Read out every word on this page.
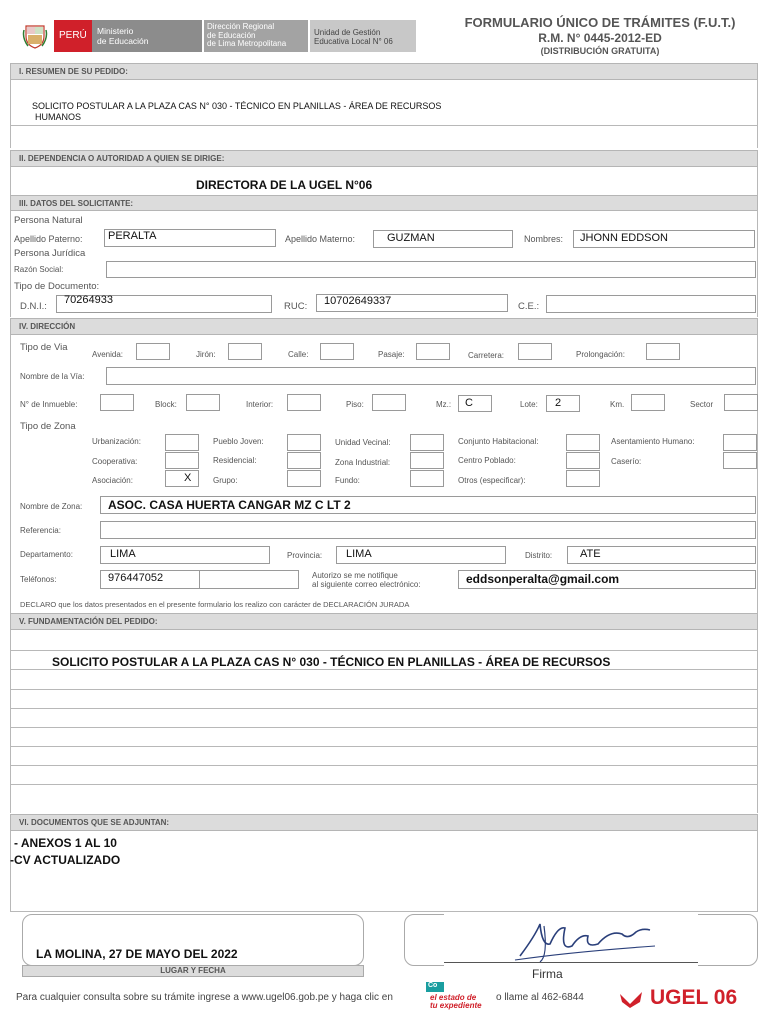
PERÚ	Ministerio
de Educación
Dirección Regional
de Educación
de Lima Metropolitana
Unidad de Gestión
Educativa Local N° 06
FORMULARIO ÚNICO DE TRÁMITES (F.U.T.)
R.M. N° 0445-2012-ED
(DISTRIBUCIÓN GRATUITA)
I. RESUMEN DE SU PEDIDO:
SOLICITO POSTULAR A LA PLAZA CAS N° 030 - TÉCNICO EN PLANILLAS - ÁREA DE RECURSOS
HUMANOS
II. DEPENDENCIA O AUTORIDAD A QUIEN SE DIRIGE:
DIRECTORA DE LA UGEL N°06
III. DATOS DEL SOLICITANTE:
Persona Natural
Apellido Paterno: PERALTA	Apellido Materno:	GUZMAN	Nombres: JHONN EDDSON
Persona Jurídica
Razón Social:
Tipo de Documento:
D.N.I.:
70264933
RUC: 10702649337	C.E.:
IV. DIRECCIÓN
Tipo de Via
Avenida:	Jirón:	Calle:	Pasaje:	Carretera:	Prolongación:
Nombre de la Vía:
N° de Inmueble:	Block:	Interior:	Piso:	Mz.: C	Lote: 2	Km.	Sector
Tipo de Zona
Urbanización:	Pueblo Joven:	Unidad Vecinal:	Conjunto Habitacional:	Asentamiento Humano:
Cooperativa:	Residencial:	Zona Industrial:	Centro Poblado:	Caserío:
Asociación:	X	Grupo:	Fundo:	Otros (especificar):
Nombre de Zona: ASOC. CASA HUERTA CANGAR MZ C LT 2
Referencia:
Departamento:	LIMA	Provincia: LIMA	Distrito:	ATE
Teléfonos:	976447052	Autorizo se me notifique
al siguiente correo electrónico:	eddsonperalta@gmail.com
DECLARO que los datos presentados en el presente formulario los realizo con carácter de DECLARACIÓN JURADA
V. FUNDAMENTACIÓN DEL PEDIDO:
SOLICITO POSTULAR A LA PLAZA CAS N° 030 - TÉCNICO EN PLANILLAS - ÁREA DE RECURSOS
VI. DOCUMENTOS QUE SE ADJUNTAN:
- ANEXOS 1 AL 10
-CV ACTUALIZADO
LA MOLINA, 27 DE MAYO DEL 2022
LUGAR Y FECHA	Firma
Para cualquier consulta sobre su trámite ingrese a www.ugel06.gob.pe y haga clic en
Co
el estado de
tu expediente
o llame al 462-6844	UGEL 06
